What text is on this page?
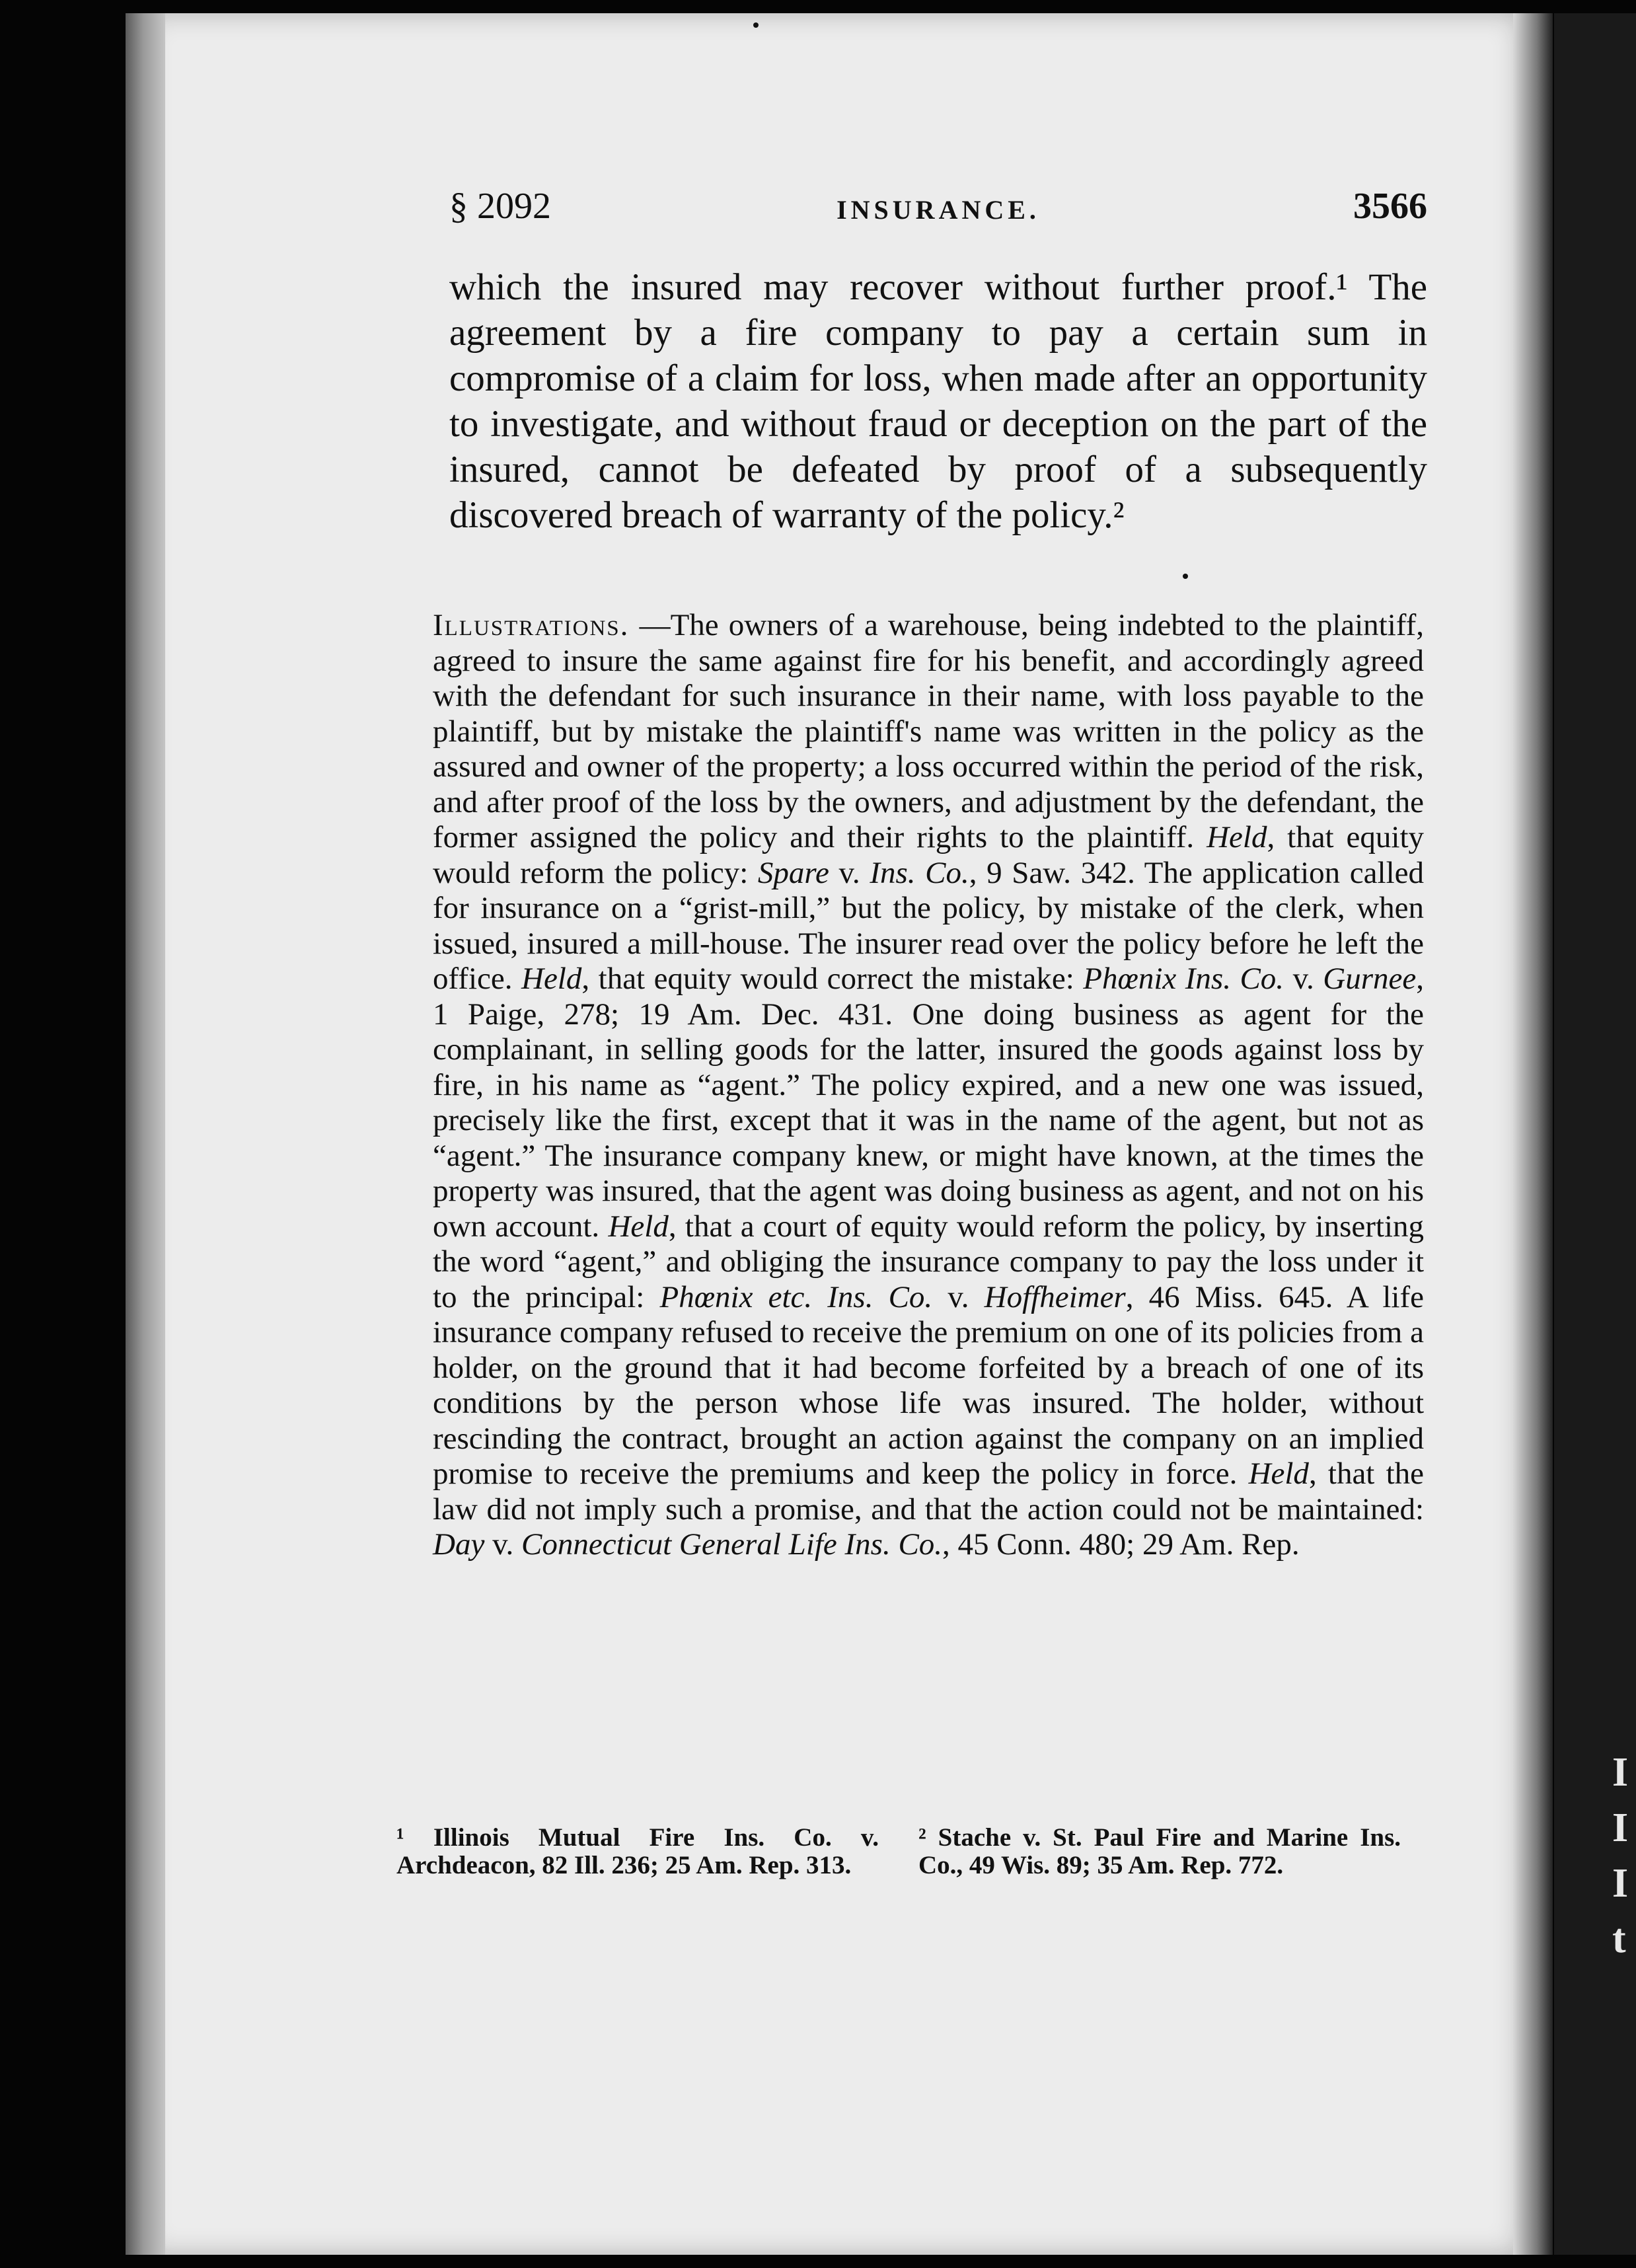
I
I
I
t
§ 2092	INSURANCE.	3566

which the insured may recover without further proof.¹ The agreement by a fire company to pay a certain sum in compromise of a claim for loss, when made after an opportunity to investigate, and without fraud or deception on the part of the insured, cannot be defeated by proof of a subsequently discovered breach of warranty of the policy.²

Illustrations. —The owners of a warehouse, being indebted to the plaintiff, agreed to insure the same against fire for his benefit, and accordingly agreed with the defendant for such insurance in their name, with loss payable to the plaintiff, but by mistake the plaintiff's name was written in the policy as the assured and owner of the property; a loss occurred within the period of the risk, and after proof of the loss by the owners, and adjustment by the defendant, the former assigned the policy and their rights to the plaintiff. Held, that equity would reform the policy: Spare v. Ins. Co., 9 Saw. 342. The application called for insurance on a “grist-mill,” but the policy, by mistake of the clerk, when issued, insured a mill-house. The insurer read over the policy before he left the office. Held, that equity would correct the mistake: Phœnix Ins. Co. v. Gurnee, 1 Paige, 278; 19 Am. Dec. 431. One doing business as agent for the complainant, in selling goods for the latter, insured the goods against loss by fire, in his name as “agent.” The policy expired, and a new one was issued, precisely like the first, except that it was in the name of the agent, but not as “agent.” The insurance company knew, or might have known, at the times the property was insured, that the agent was doing business as agent, and not on his own account. Held, that a court of equity would reform the policy, by inserting the word “agent,” and obliging the insurance company to pay the loss under it to the principal: Phœnix etc. Ins. Co. v. Hoffheimer, 46 Miss. 645. A life insurance company refused to receive the premium on one of its policies from a holder, on the ground that it had become forfeited by a breach of one of its conditions by the person whose life was insured. The holder, without rescinding the contract, brought an action against the company on an implied promise to receive the premiums and keep the policy in force. Held, that the law did not imply such a promise, and that the action could not be maintained: Day v. Connecticut General Life Ins. Co., 45 Conn. 480; 29 Am. Rep.

¹ Illinois Mutual Fire Ins. Co. v. Archdeacon, 82 Ill. 236; 25 Am. Rep. 313.
² Stache v. St. Paul Fire and Marine Ins. Co., 49 Wis. 89; 35 Am. Rep. 772.
